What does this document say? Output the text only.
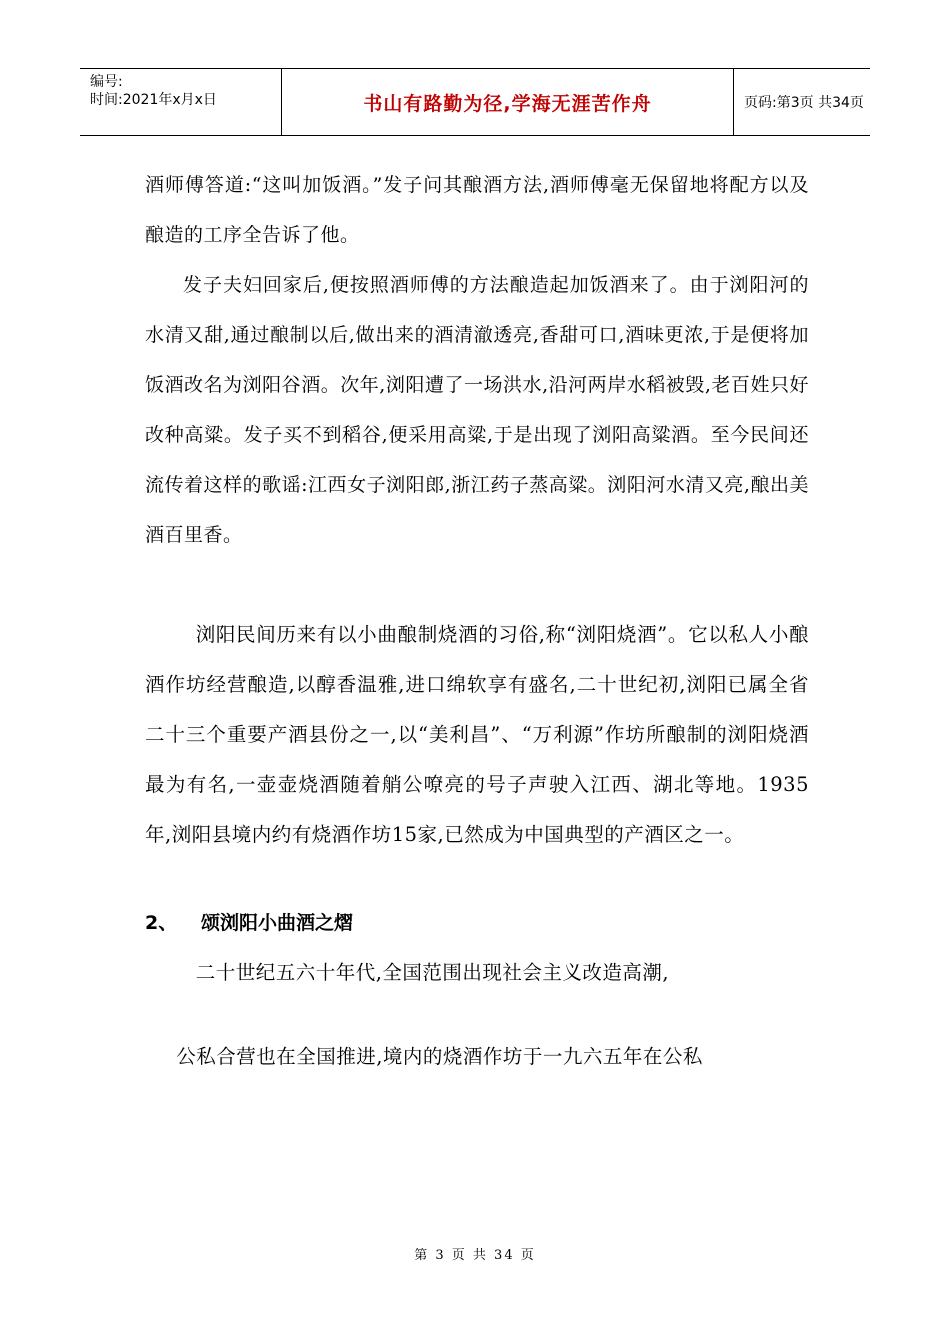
编号:
时间:2021年x月x日	书山有路勤为径,学海无涯苦作舟	页码:第3页 共34页

酒师傅答道:“这叫加饭酒。”发子问其酿酒方法,酒师傅毫无保留地将配方以及酿造的工序全告诉了他。

发子夫妇回家后,便按照酒师傅的方法酿造起加饭酒来了。由于浏阳河的水清又甜,通过酿制以后,做出来的酒清澈透亮,香甜可口,酒味更浓,于是便将加饭酒改名为浏阳谷酒。次年,浏阳遭了一场洪水,沿河两岸水稻被毁,老百姓只好改种高粱。发子买不到稻谷,便采用高粱,于是出现了浏阳高粱酒。至今民间还流传着这样的歌谣:江西女子浏阳郎,浙江药子蒸高粱。浏阳河水清又亮,酿出美酒百里香。

浏阳民间历来有以小曲酿制烧酒的习俗,称“浏阳烧酒”。它以私人小酿酒作坊经营酿造,以醇香温雅,进口绵软享有盛名,二十世纪初,浏阳已属全省二十三个重要产酒县份之一,以“美利昌”、“万利源”作坊所酿制的浏阳烧酒最为有名,一壶壶烧酒随着艄公嘹亮的号子声驶入江西、湖北等地。1935年,浏阳县境内约有烧酒作坊15家,已然成为中国典型的产酒区之一。

2、 颂浏阳小曲酒之熠

二十世纪五六十年代,全国范围出现社会主义改造高潮,

公私合营也在全国推进,境内的烧酒作坊于一九六五年在公私

第 3 页 共 34 页
